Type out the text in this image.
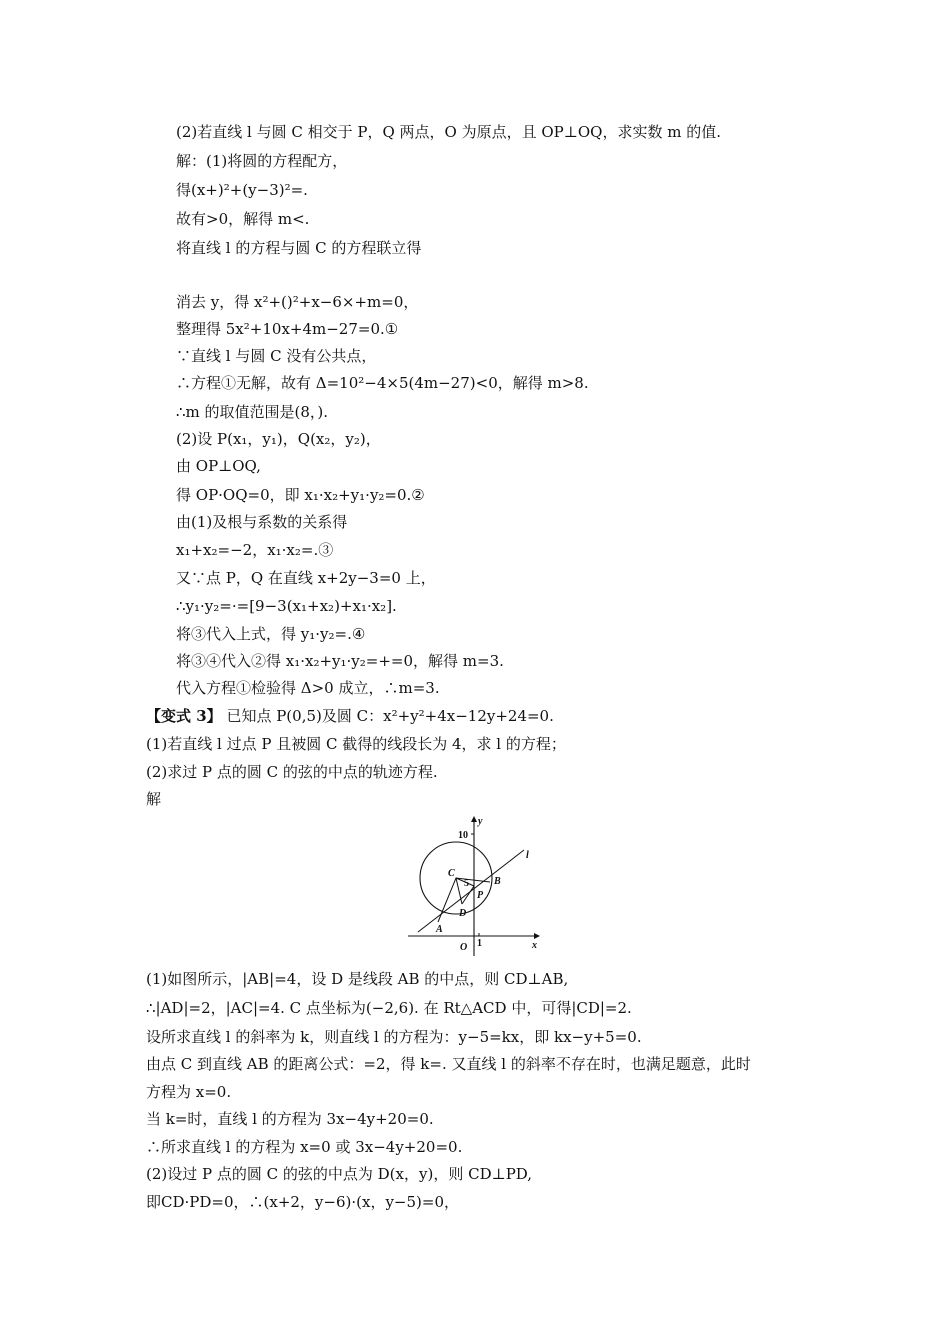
(2)若直线 l 与圆 C 相交于 P，Q 两点，O 为原点，且 OP⊥OQ，求实数 m 的值.
解：(1)将圆的方程配方，
得(x+)²+(y−3)²=.
故有>0，解得 m<.
将直线 l 的方程与圆 C 的方程联立得
消去 y，得 x²+()²+x−6×+m=0，
整理得 5x²+10x+4m−27=0.①
∵直线 l 与圆 C 没有公共点，
∴方程①无解，故有 Δ=10²−4×5(4m−27)<0，解得 m>8.
∴m 的取值范围是(8，).
(2)设 P(x₁，y₁)，Q(x₂，y₂)，
由 OP⊥OQ,
得 OP·OQ=0，即 x₁·x₂+y₁·y₂=0.②
由(1)及根与系数的关系得
x₁+x₂=−2，x₁·x₂=.③
又∵点 P，Q 在直线 x+2y−3=0 上，
∴y₁·y₂=·=[9−3(x₁+x₂)+x₁·x₂].
将③代入上式，得 y₁·y₂=.④
将③④代入②得 x₁·x₂+y₁·y₂=+=0，解得 m=3.
代入方程①检验得 Δ>0 成立，∴m=3.
【变式 3】 已知点 P(0,5)及圆 C：x²+y²+4x−12y+24=0.
(1)若直线 l 过点 P 且被圆 C 截得的线段长为 4，求 l 的方程；
(2)求过 P 点的圆 C 的弦的中点的轨迹方程.
解
y
x
l
10
C
5	B
P
D
A
O 1
(1)如图所示，|AB|=4，设 D 是线段 AB 的中点，则 CD⊥AB,
∴|AD|=2，|AC|=4. C 点坐标为(−2,6). 在 Rt△ACD 中，可得|CD|=2.
设所求直线 l 的斜率为 k，则直线 l 的方程为：y−5=kx，即 kx−y+5=0.
由点 C 到直线 AB 的距离公式：=2，得 k=. 又直线 l 的斜率不存在时，也满足题意，此时
方程为 x=0.
当 k=时，直线 l 的方程为 3x−4y+20=0.
∴所求直线 l 的方程为 x=0 或 3x−4y+20=0.
(2)设过 P 点的圆 C 的弦的中点为 D(x，y)，则 CD⊥PD,
即CD·PD=0，∴(x+2，y−6)·(x，y−5)=0，
